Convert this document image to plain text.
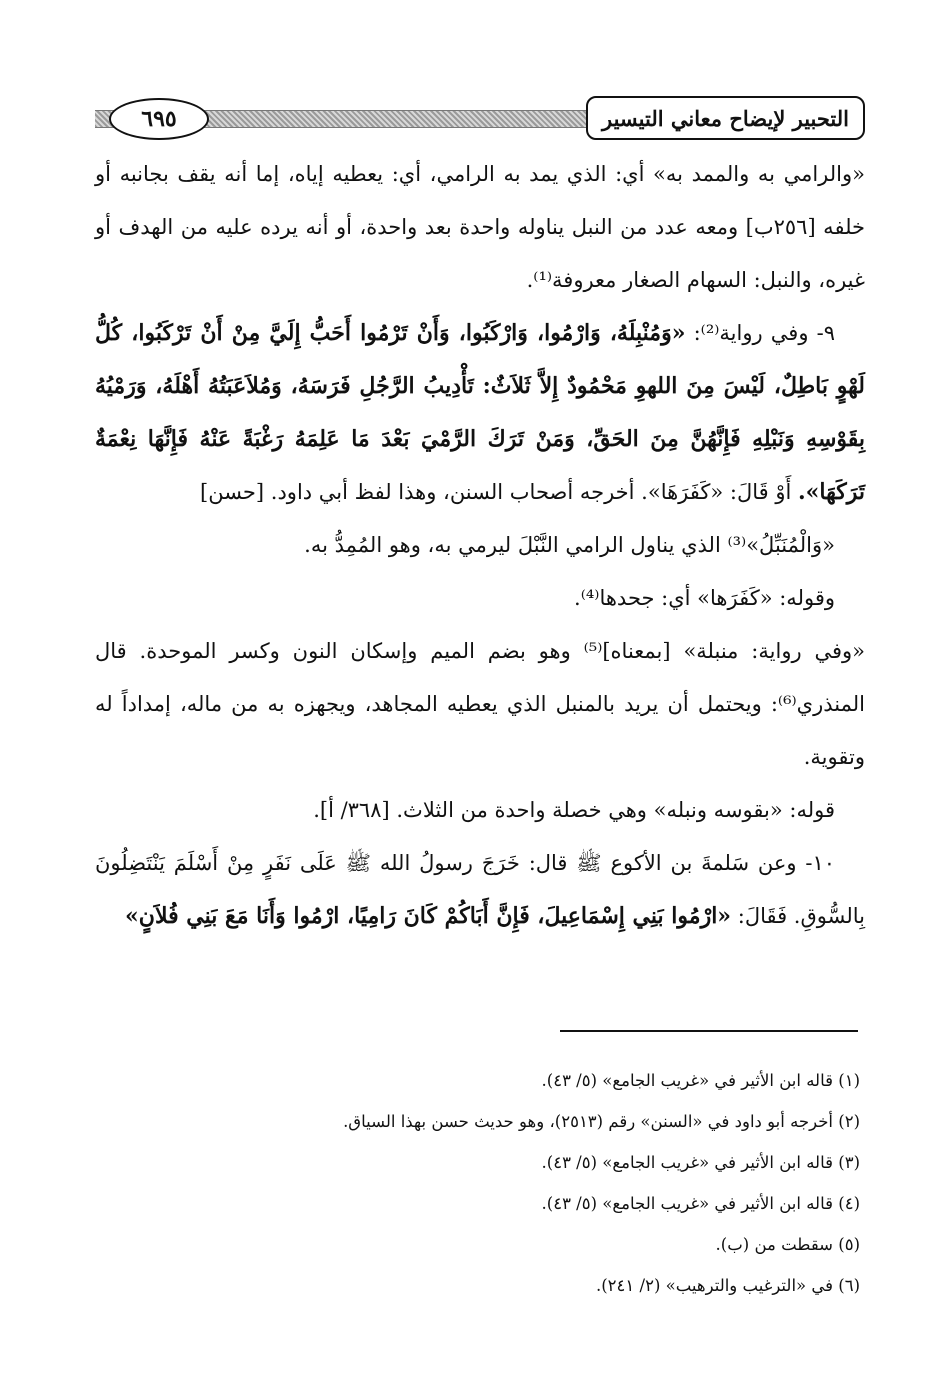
٦٩٥	التحبير لإيضاح معاني التيسير

«والرامي به والممد به» أي: الذي يمد به الرامي، أي: يعطيه إياه، إما أنه يقف بجانبه أو خلفه [٢٥٦ب] ومعه عدد من النبل يناوله واحدة بعد واحدة، أو أنه يرده عليه من الهدف أو غيره، والنبل: السهام الصغار معروفة⁽¹⁾.

٩- وفي رواية⁽²⁾: «وَمُنْبِلَهُ، وَارْمُوا، وَارْكَبُوا، وَأَنْ تَرْمُوا أَحَبُّ إِلَيَّ مِنْ أَنْ تَرْكَبُوا، كُلُّ لَهْوٍ بَاطِلٌ، لَيْسَ مِنَ اللهوِ مَحْمُودٌ إِلاَّ ثَلاَثٌ: تَأْدِيبُ الرَّجُلِ فَرَسَهُ، وَمُلاَعَبَتُهُ أَهْلَهُ، وَرَمْيُهُ بِقَوْسِهِ وَنَبْلِهِ فَإِنَّهُنَّ مِنَ الحَقِّ، وَمَنْ تَرَكَ الرَّمْيَ بَعْدَ مَا عَلِمَهُ رَغْبَةً عَنْهُ فَإِنَّهَا نِعْمَةٌ تَرَكَهَا». أَوْ قَالَ: «كَفَرَهَا». أخرجه أصحاب السنن، وهذا لفظ أبي داود. [حسن]

«وَالْمُنَبِّلُ»⁽³⁾ الذي يناول الرامي النَّبْلَ ليرمي به، وهو المُمِدُّ به.

وقوله: «كَفَرَها» أي: جحدها⁽⁴⁾.

«وفي رواية: منبلة» [بمعناه]⁽⁵⁾ وهو بضم الميم وإسكان النون وكسر الموحدة. قال المنذري⁽⁶⁾: ويحتمل أن يريد بالمنبل الذي يعطيه المجاهد، ويجهزه به من ماله، إمداداً له وتقوية.

قوله: «بقوسه ونبله» وهي خصلة واحدة من الثلاث. [٣٦٨/ أ].

١٠- وعن سَلمةَ بن الأكوع ﷺ قال: خَرَجَ رسولُ الله ﷺ عَلَى نَفَرٍ مِنْ أَسْلَمَ يَنْتَضِلُونَ بِالسُّوقِ. فَقَالَ: «ارْمُوا بَنِي إِسْمَاعِيلَ، فَإِنَّ أَبَاكُمْ كَانَ رَامِيًا، ارْمُوا وَأَنَا مَعَ بَنِي فُلاَنٍ»

(١) قاله ابن الأثير في «غريب الجامع» (٥/ ٤٣).
(٢) أخرجه أبو داود في «السنن» رقم (٢٥١٣)، وهو حديث حسن بهذا السياق.
(٣) قاله ابن الأثير في «غريب الجامع» (٥/ ٤٣).
(٤) قاله ابن الأثير في «غريب الجامع» (٥/ ٤٣).
(٥) سقطت من (ب).
(٦) في «الترغيب والترهيب» (٢/ ٢٤١).
